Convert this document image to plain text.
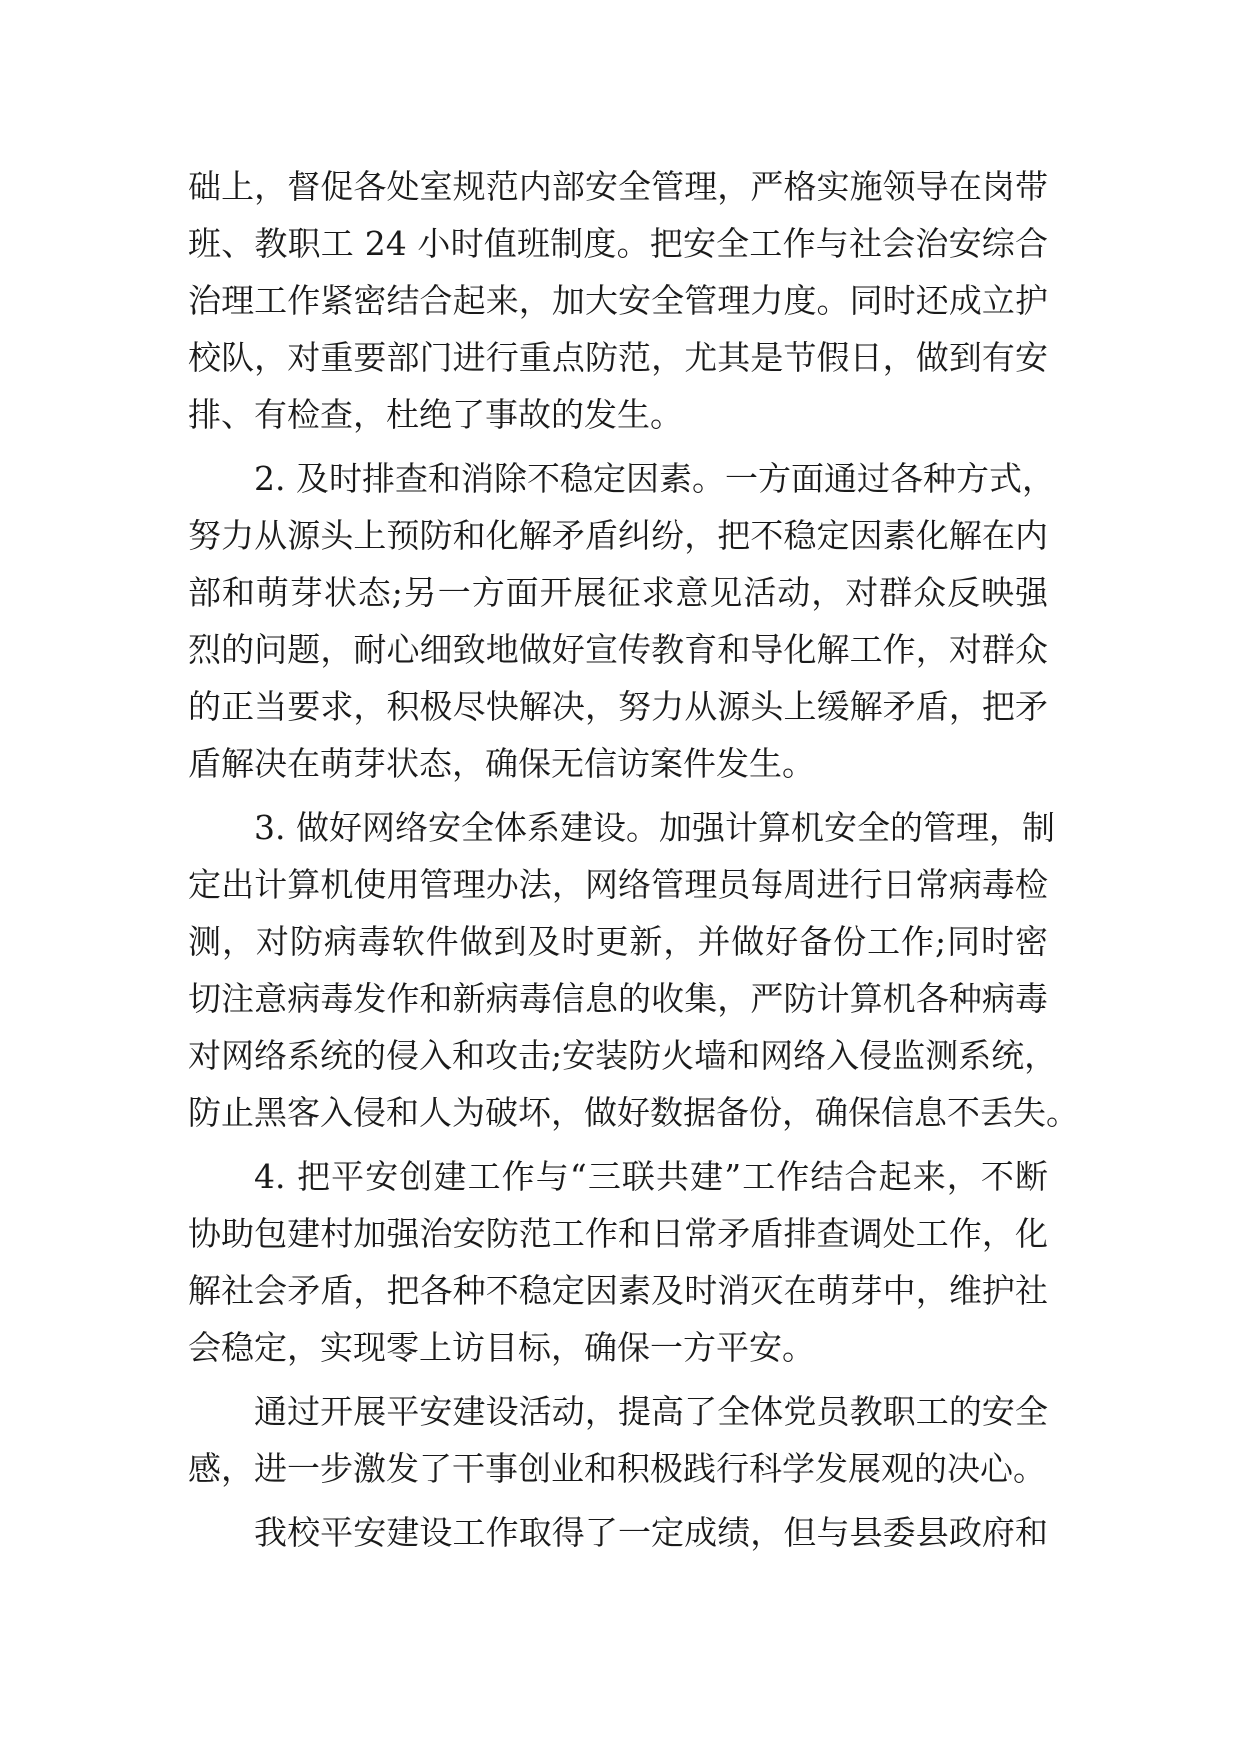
础上，督促各处室规范内部安全管理，严格实施领导在岗带
班、教职工 24 小时值班制度。把安全工作与社会治安综合
治理工作紧密结合起来，加大安全管理力度。同时还成立护
校队，对重要部门进行重点防范，尤其是节假日，做到有安
排、有检查，杜绝了事故的发生。
2. 及时排查和消除不稳定因素。一方面通过各种方式，
努力从源头上预防和化解矛盾纠纷，把不稳定因素化解在内
部和萌芽状态;另一方面开展征求意见活动，对群众反映强
烈的问题，耐心细致地做好宣传教育和导化解工作，对群众
的正当要求，积极尽快解决，努力从源头上缓解矛盾，把矛
盾解决在萌芽状态，确保无信访案件发生。
3. 做好网络安全体系建设。加强计算机安全的管理，制
定出计算机使用管理办法，网络管理员每周进行日常病毒检
测，对防病毒软件做到及时更新，并做好备份工作;同时密
切注意病毒发作和新病毒信息的收集，严防计算机各种病毒
对网络系统的侵入和攻击;安装防火墙和网络入侵监测系统，
防止黑客入侵和人为破坏，做好数据备份，确保信息不丢失。
4. 把平安创建工作与“三联共建”工作结合起来，不断
协助包建村加强治安防范工作和日常矛盾排查调处工作，化
解社会矛盾，把各种不稳定因素及时消灭在萌芽中，维护社
会稳定，实现零上访目标，确保一方平安。
通过开展平安建设活动，提高了全体党员教职工的安全
感，进一步激发了干事创业和积极践行科学发展观的决心。
我校平安建设工作取得了一定成绩，但与县委县政府和
